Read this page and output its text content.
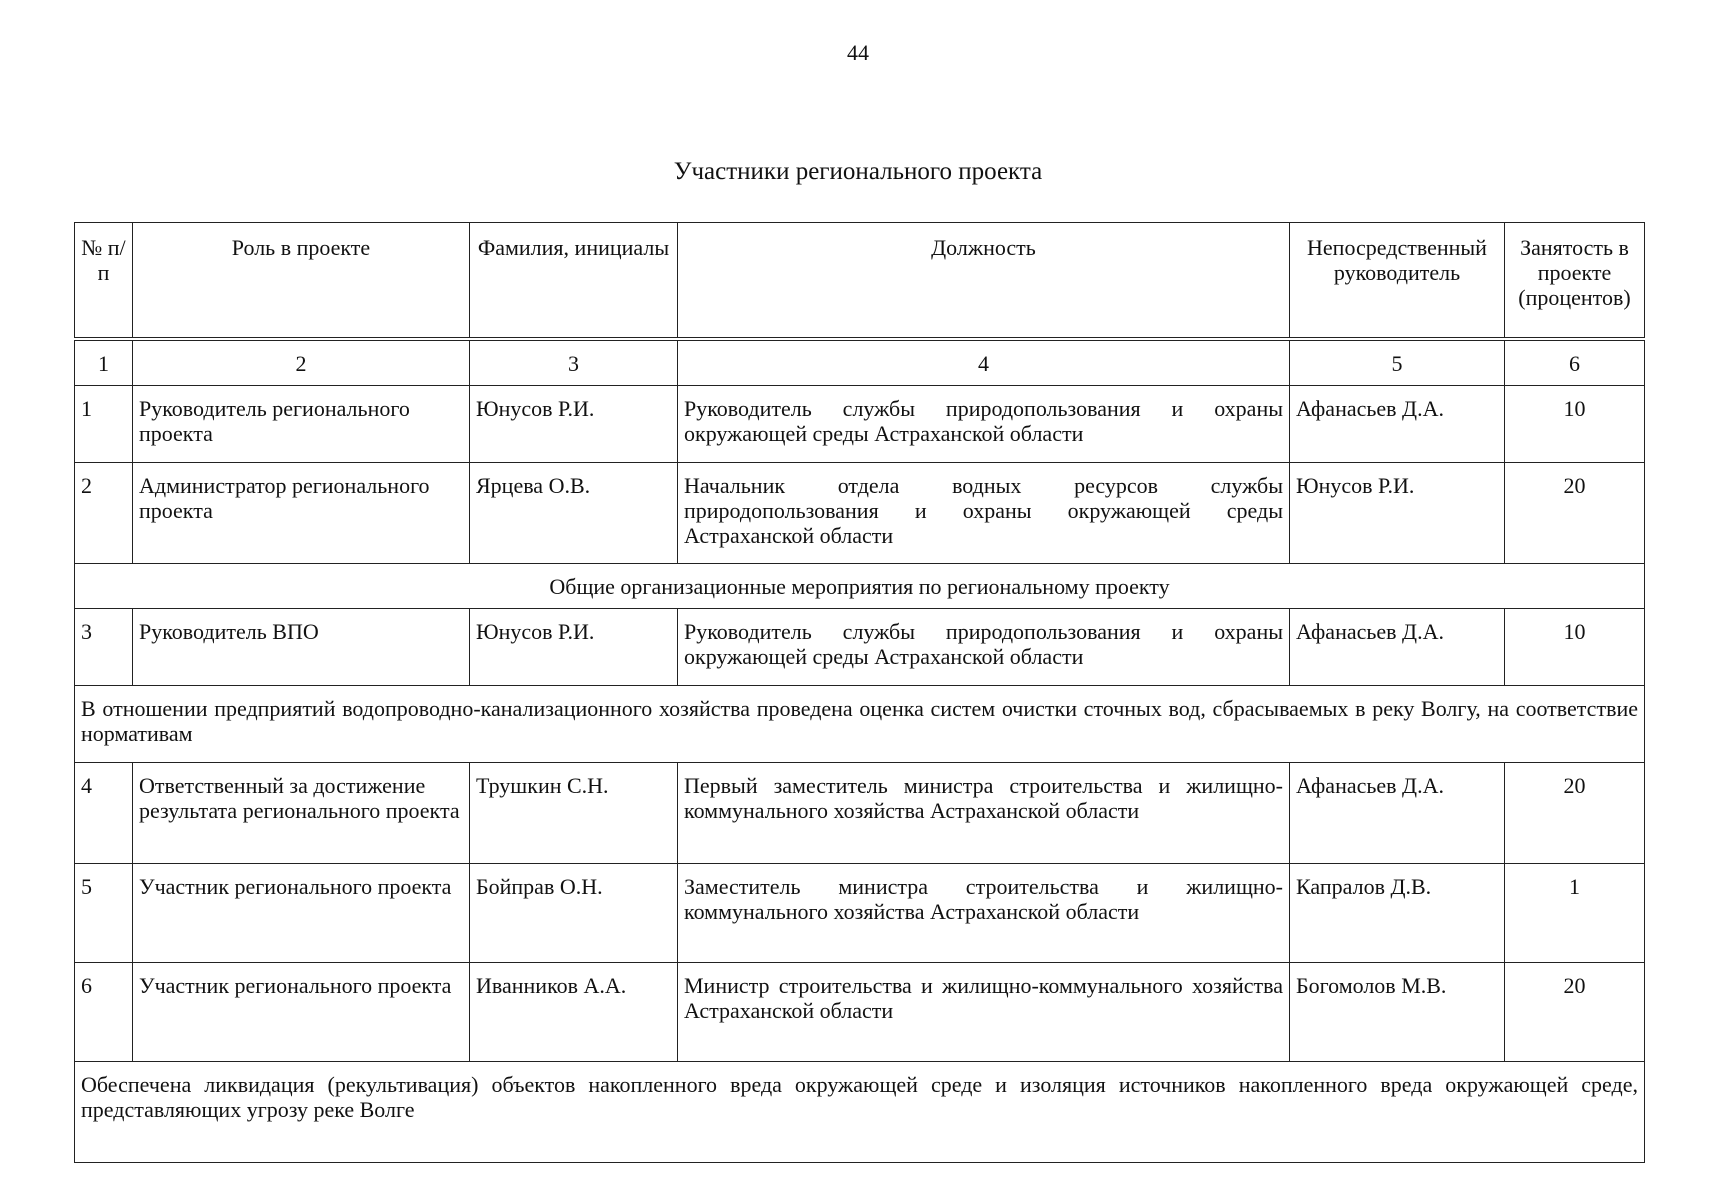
44
Участники регионального проекта
№ п/п	Роль в проекте	Фамилия, инициалы	Должность	Непосредственный руководитель	Занятость в проекте (процентов)
1	2	3	4	5	6
1	Руководитель регионального проекта	Юнусов Р.И.	Руководитель службы природопользования и охраны окружающей среды Астраханской области	Афанасьев Д.А.	10
2	Администратор регионального проекта	Ярцева О.В.	Начальник отдела водных ресурсов службы природопользования и охраны окружающей среды Астраханской области	Юнусов Р.И.	20
Общие организационные мероприятия по региональному проекту					
3	Руководитель ВПО	Юнусов Р.И.	Руководитель службы природопользования и охраны окружающей среды Астраханской области	Афанасьев Д.А.	10
В отношении предприятий водопроводно-канализационного хозяйства проведена оценка систем очистки сточных вод, сбрасываемых в реку Волгу, на соответствие нормативам					
4	Ответственный за достижение результата регионального проекта	Трушкин С.Н.	Первый заместитель министра строительства и жилищно-коммунального хозяйства Астраханской области	Афанасьев Д.А.	20
5	Участник регионального проекта	Бойправ О.Н.	Заместитель министра строительства и жилищно-коммунального хозяйства Астраханской области	Капралов Д.В.	1
6	Участник регионального проекта	Иванников А.А.	Министр строительства и жилищно-коммунального хозяйства Астраханской области	Богомолов М.В.	20
Обеспечена ликвидация (рекультивация) объектов накопленного вреда окружающей среде и изоляция источников накопленного вреда окружающей среде, представляющих угрозу реке Волге					
